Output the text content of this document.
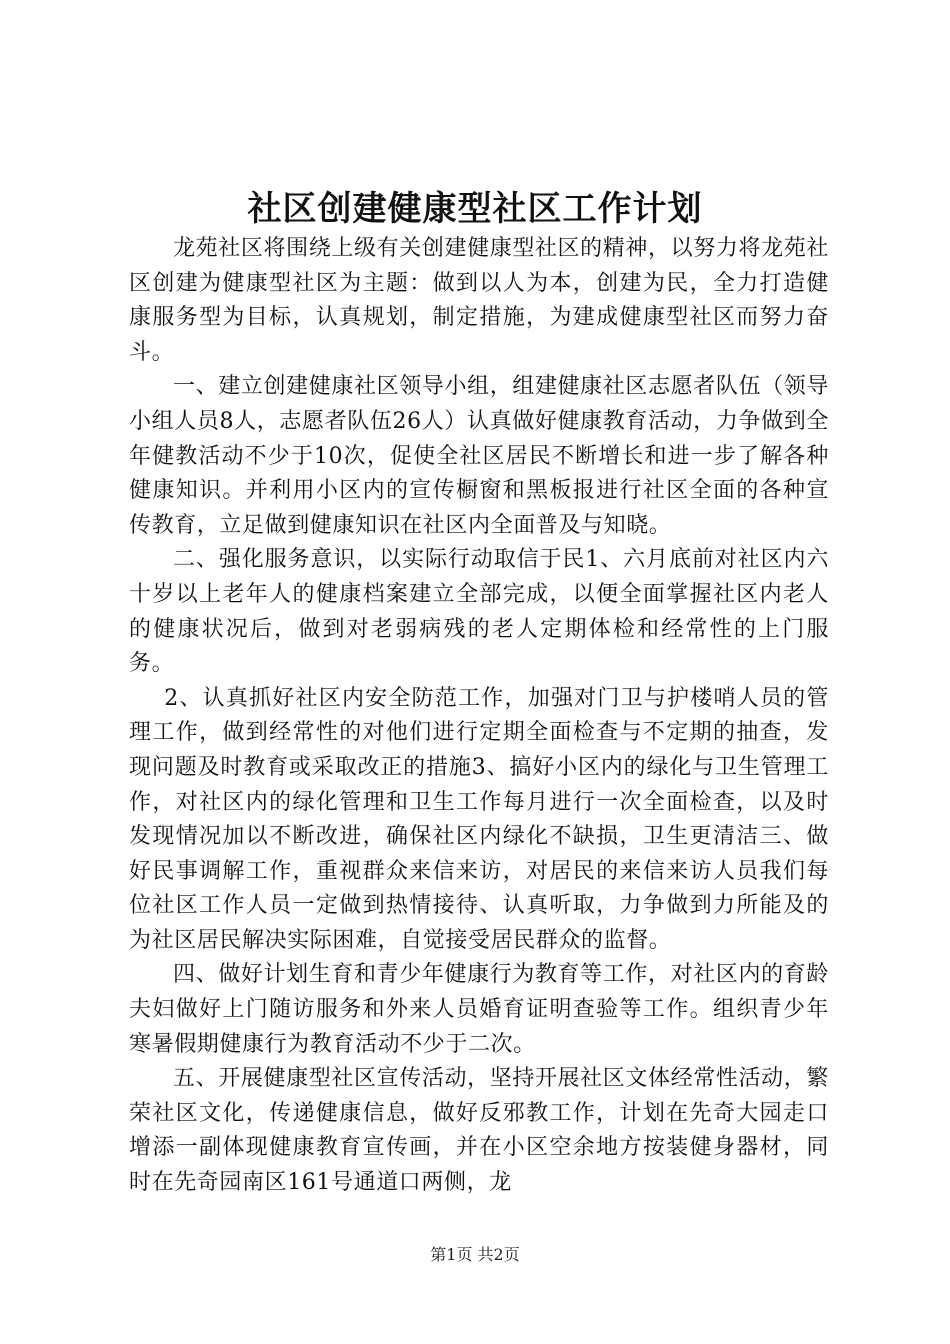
社区创建健康型社区工作计划

龙苑社区将围绕上级有关创建健康型社区的精神，以努力将龙苑社区创建为健康型社区为主题：做到以人为本，创建为民，全力打造健康服务型为目标，认真规划，制定措施，为建成健康型社区而努力奋斗。

一、建立创建健康社区领导小组，组建健康社区志愿者队伍（领导小组人员8人，志愿者队伍26人）认真做好健康教育活动，力争做到全年健教活动不少于10次，促使全社区居民不断增长和进一步了解各种健康知识。并利用小区内的宣传橱窗和黑板报进行社区全面的各种宣传教育，立足做到健康知识在社区内全面普及与知晓。

二、强化服务意识，以实际行动取信于民1、六月底前对社区内六十岁以上老年人的健康档案建立全部完成，以便全面掌握社区内老人的健康状况后，做到对老弱病残的老人定期体检和经常性的上门服务。

2、认真抓好社区内安全防范工作，加强对门卫与护楼哨人员的管理工作，做到经常性的对他们进行定期全面检查与不定期的抽查，发现问题及时教育或采取改正的措施3、搞好小区内的绿化与卫生管理工作，对社区内的绿化管理和卫生工作每月进行一次全面检查，以及时发现情况加以不断改进，确保社区内绿化不缺损，卫生更清洁三、做好民事调解工作，重视群众来信来访，对居民的来信来访人员我们每位社区工作人员一定做到热情接待、认真听取，力争做到力所能及的为社区居民解决实际困难，自觉接受居民群众的监督。

四、做好计划生育和青少年健康行为教育等工作，对社区内的育龄夫妇做好上门随访服务和外来人员婚育证明查验等工作。组织青少年寒暑假期健康行为教育活动不少于二次。

五、开展健康型社区宣传活动，坚持开展社区文体经常性活动，繁荣社区文化，传递健康信息，做好反邪教工作，计划在先奇大园走口增添一副体现健康教育宣传画，并在小区空余地方按装健身器材，同时在先奇园南区161号通道口两侧，龙

第1页 共2页
